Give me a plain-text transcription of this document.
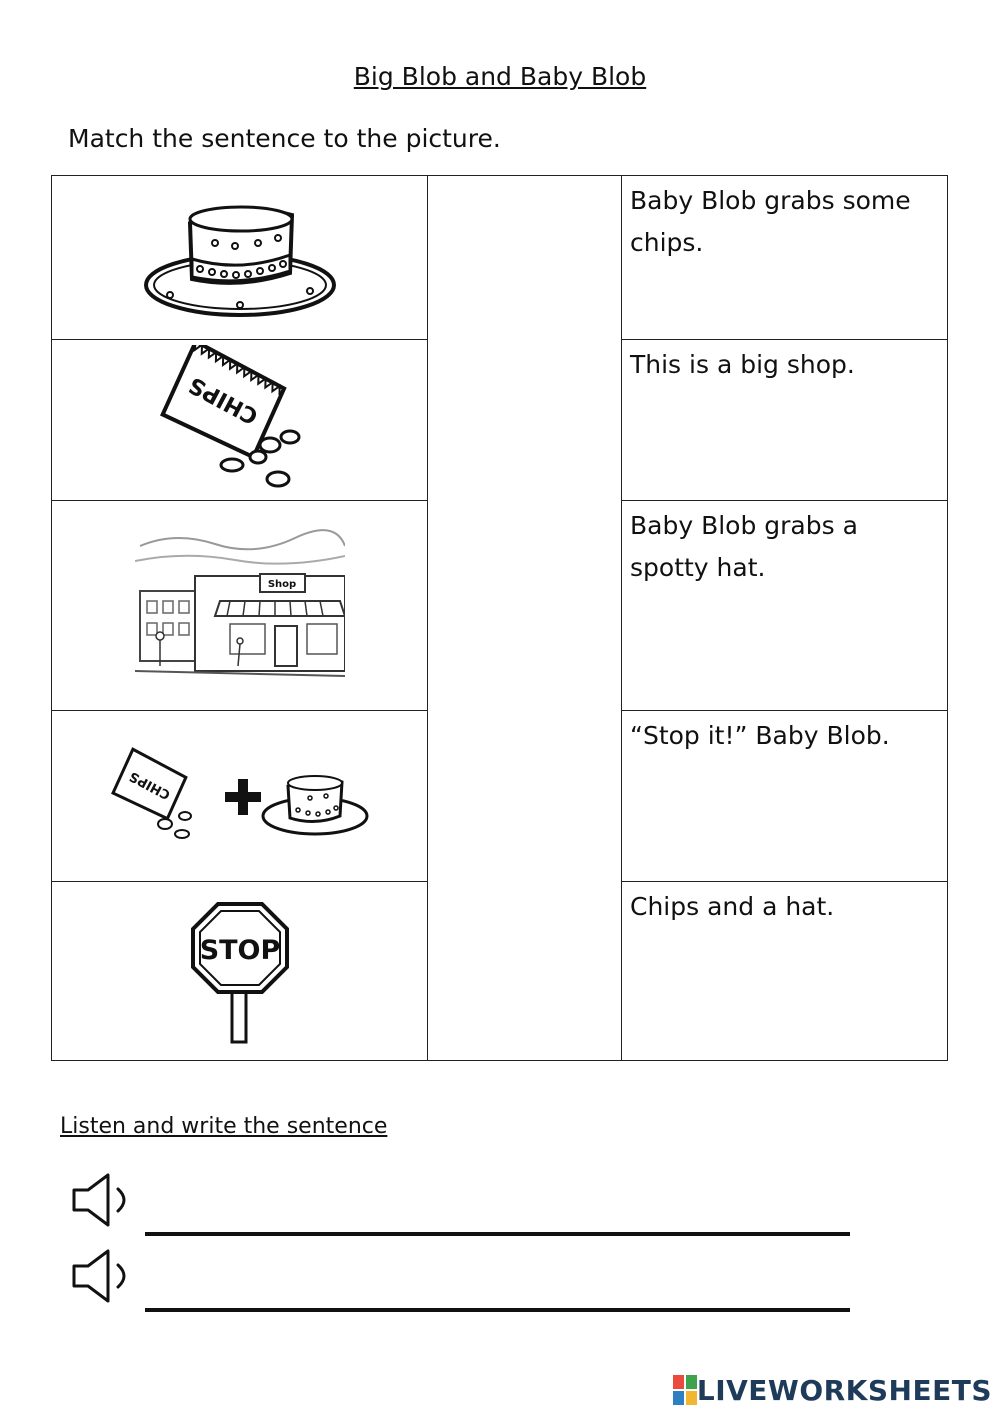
Big Blob and Baby Blob
Match the sentence to the picture.
		Baby Blob grabs some chips.

CHIPS		This is a big shop.

Shop		Baby Blob grabs a spotty hat.

CHIPS		“Stop it!” Baby Blob.

STOP		Chips and a hat.
Listen and write the sentence
LIVEWORKSHEETS
